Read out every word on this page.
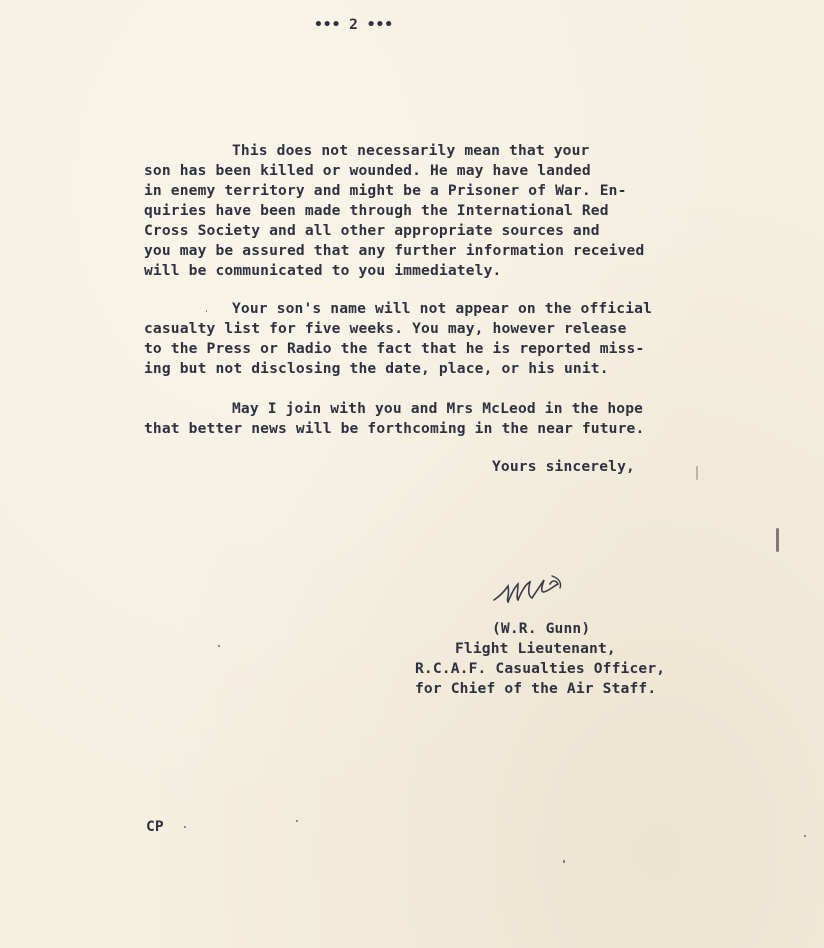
••• 2 •••
This does not necessarily mean that your
son has been killed or wounded. He may have landed
in enemy territory and might be a Prisoner of War. En-
quiries have been made through the International Red
Cross Society and all other appropriate sources and
you may be assured that any further information received
will be communicated to you immediately.
Your son's name will not appear on the official
casualty list for five weeks. You may, however release
to the Press or Radio the fact that he is reported miss-
ing but not disclosing the date, place, or his unit.
May I join with you and Mrs McLeod in the hope
that better news will be forthcoming in the near future.
Yours sincerely,
(W.R. Gunn)
Flight Lieutenant,
R.C.A.F. Casualties Officer,
for Chief of the Air Staff.
CP
